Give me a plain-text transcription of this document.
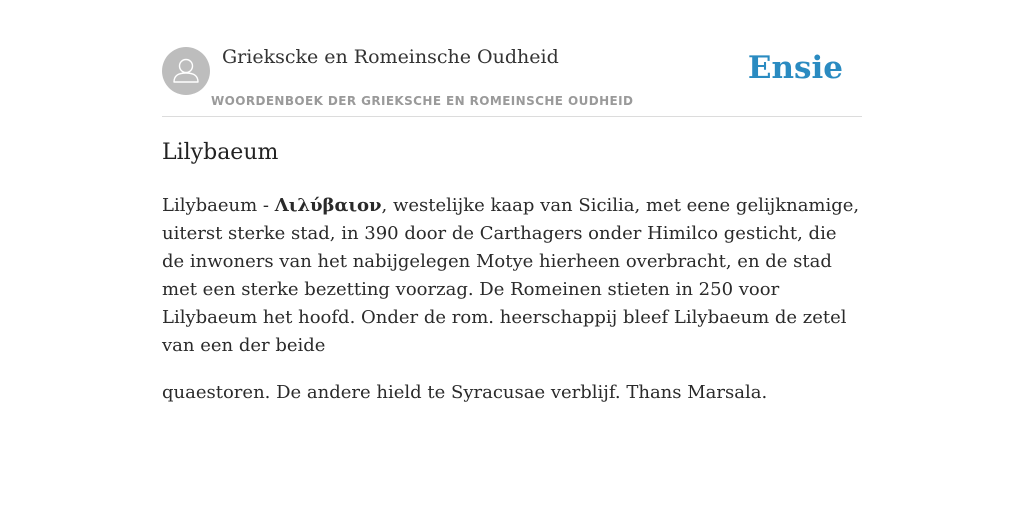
Griekscke en Romeinsche Oudheid
WOORDENBOEK DER GRIEKSCHE EN ROMEINSCHE OUDHEID
Ensie
Lilybaeum

Lilybaeum - Λιλύβαιον, westelijke kaap van Sicilia, met eene gelijknamige, uiterst sterke stad, in 390 door de Carthagers onder Himilco gesticht, die de inwoners van het nabijgelegen Motye hierheen overbracht, en de stad met een sterke bezetting voorzag. De Romeinen stieten in 250 voor Lilybaeum het hoofd. Onder de rom. heerschappij bleef Lilybaeum de zetel van een der beide

quaestoren. De andere hield te Syracusae verblijf. Thans Marsala.
